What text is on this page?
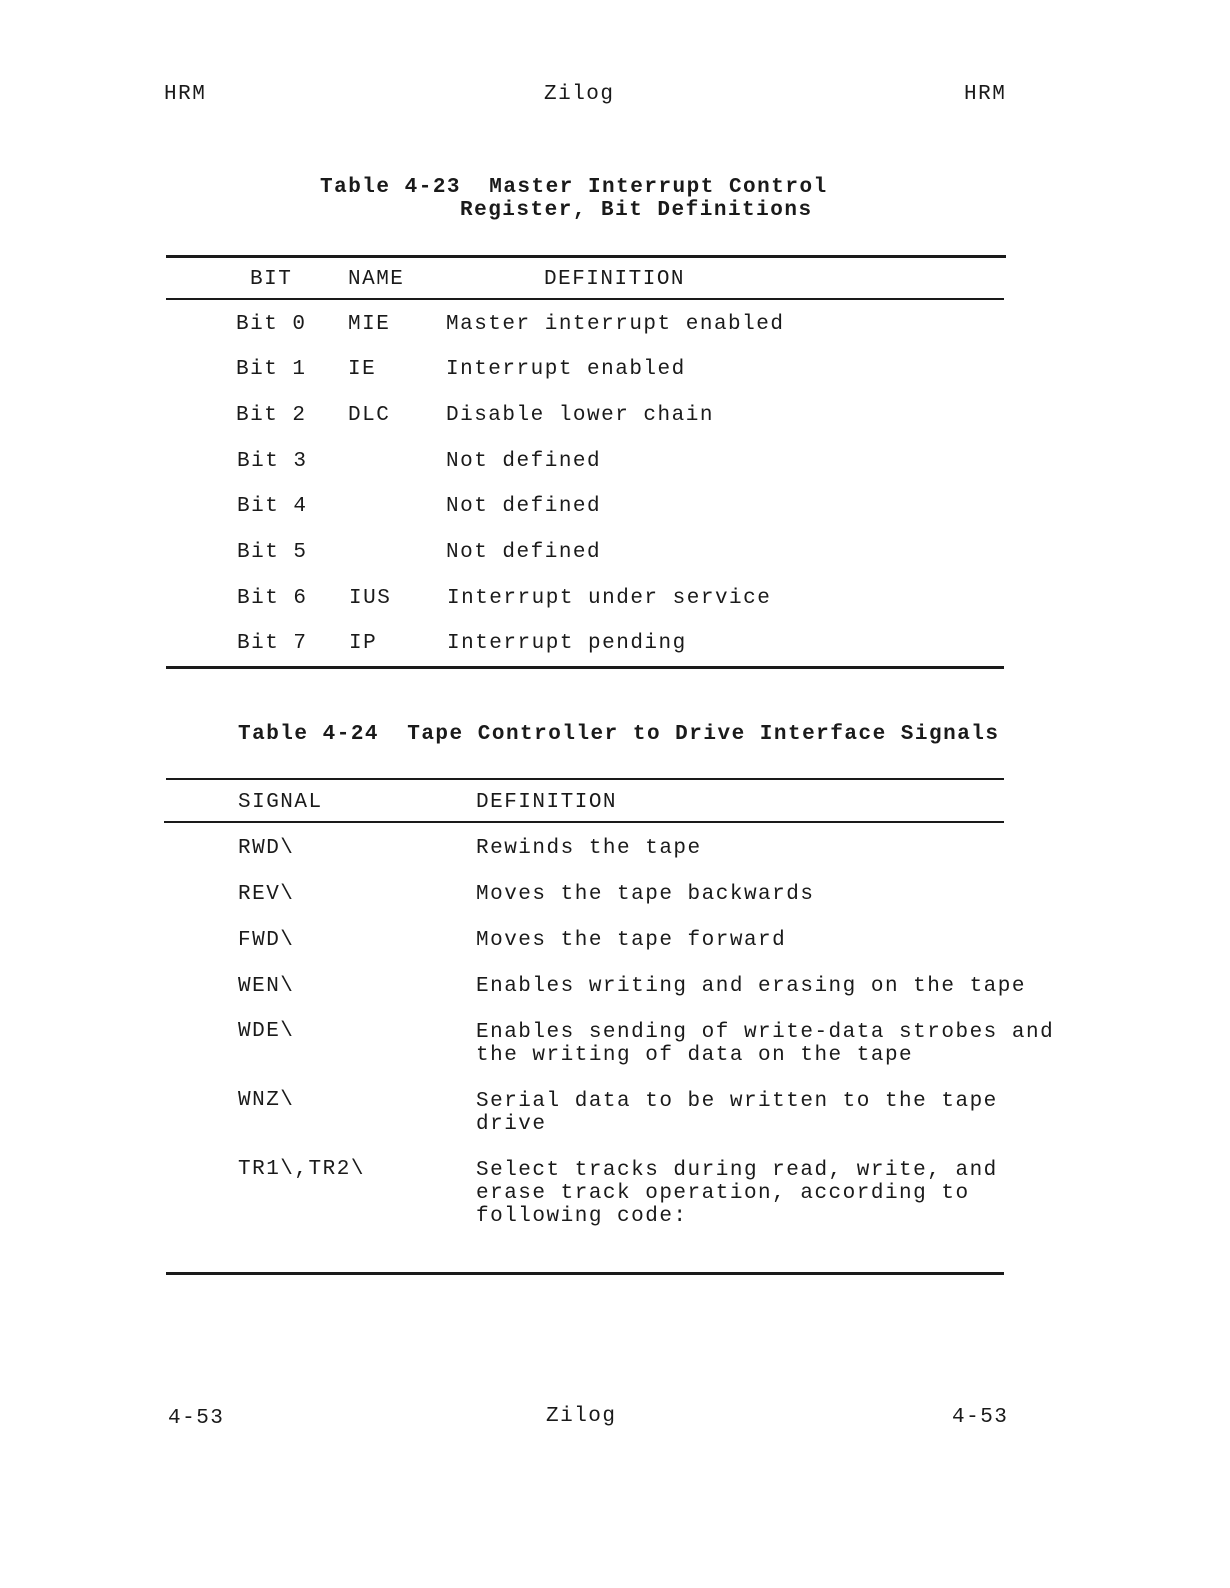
HRM	Zilog	HRM
Table 4-23  Master Interrupt Control
Register, Bit Definitions
BIT	NAME	DEFINITION
Bit 0 MIE	Master interrupt enabled
Bit 1 IE	Interrupt enabled
Bit 2 DLC	Disable lower chain
Bit 3	Not defined
Bit 4	Not defined
Bit 5	Not defined
Bit 6 IUS	Interrupt under service
Bit 7 IP	Interrupt pending
Table 4-24  Tape Controller to Drive Interface Signals
SIGNAL	DEFINITION
RWD\	Rewinds the tape
REV\	Moves the tape backwards
FWD\	Moves the tape forward
WEN\	Enables writing and erasing on the tape
WDE\	Enables sending of write-data strobes and
the writing of data on the tape
WNZ\	Serial data to be written to the tape
drive
TR1\,TR2\	Select tracks during read, write, and
erase track operation, according to
following code:
4-53	Zilog	4-53
